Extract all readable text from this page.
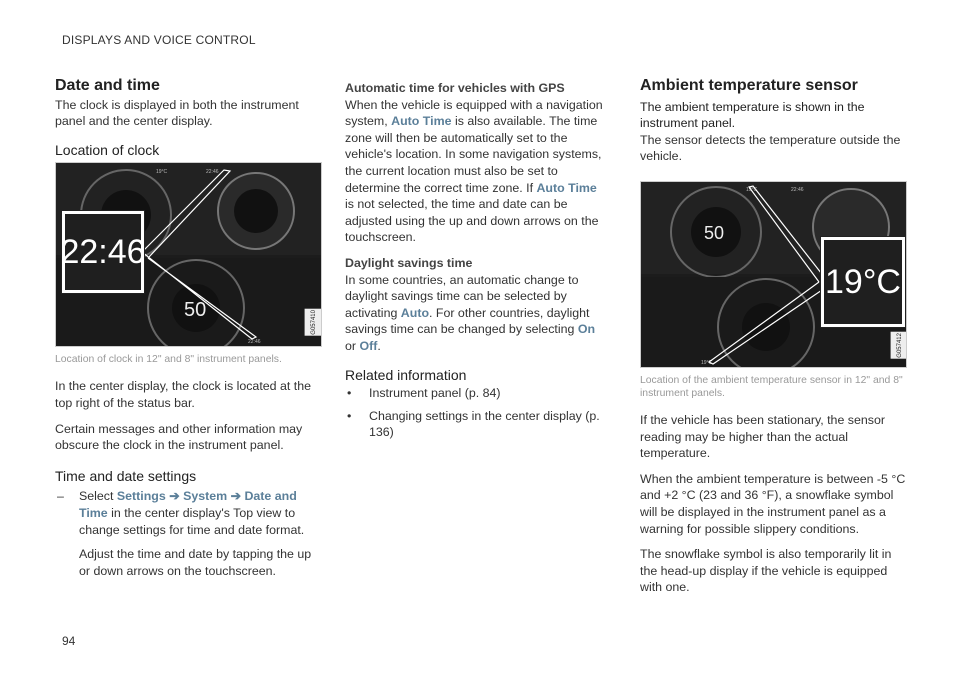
DISPLAYS AND VOICE CONTROL
Date and time

The clock is displayed in both the instrument panel and the center display.

Location of clock
19°C	22:46
50
22:46
22:46
G057410
Location of clock in 12" and 8" instrument panels.

In the center display, the clock is located at the top right of the status bar.

Certain messages and other information may obscure the clock in the instrument panel.

Time and date settings
– Select Settings ➔ System ➔ Date and Time in the center display's Top view to change settings for time and date format.

Adjust the time and date by tapping the up or down arrows on the touchscreen.

Automatic time for vehicles with GPS

When the vehicle is equipped with a navigation system, Auto Time is also available. The time zone will then be automatically set to the vehicle's location. In some navigation systems, the current location must also be set to determine the correct time zone. If Auto Time is not selected, the time and date can be adjusted using the up and down arrows on the touchscreen.

Daylight savings time

In some countries, an automatic change to daylight savings time can be selected by activating Auto. For other countries, daylight savings time can be changed by selecting On or Off.

Related information
• Instrument panel (p. 84)
• Changing settings in the center display (p. 136)
Ambient temperature sensor
The ambient temperature is shown in the instrument panel.

The sensor detects the temperature outside the vehicle.

19°C	22:46
50
19°C
19°C
G057412
Location of the ambient temperature sensor in 12" and 8" instrument panels.

If the vehicle has been stationary, the sensor reading may be higher than the actual temperature.

When the ambient temperature is between -5 °C and +2 °C (23 and 36 °F), a snowflake symbol will be displayed in the instrument panel as a warning for possible slippery conditions.

The snowflake symbol is also temporarily lit in the head-up display if the vehicle is equipped with one.

94
